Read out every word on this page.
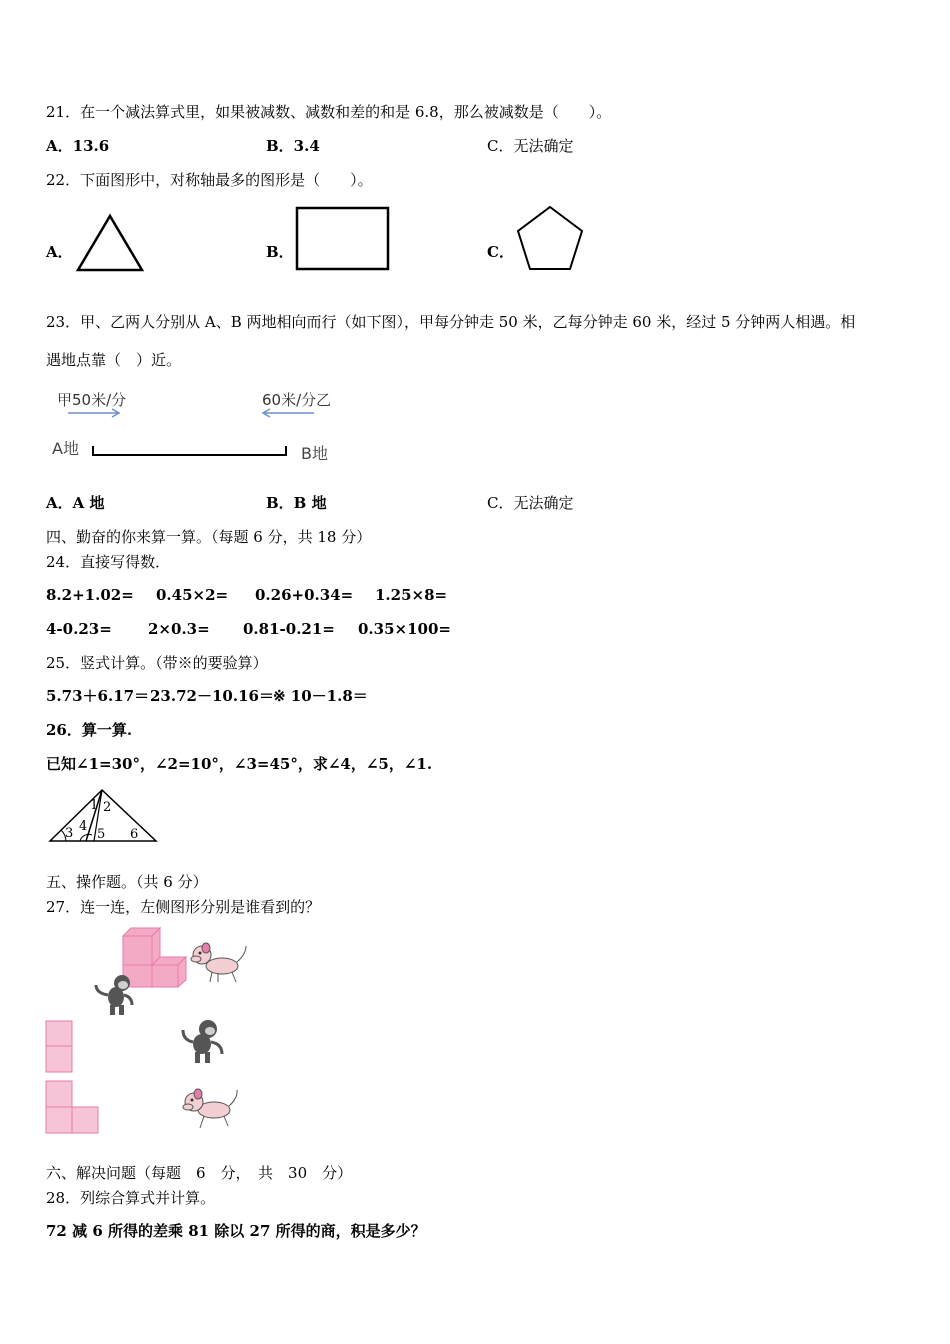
21．在一个减法算式里，如果被减数、减数和差的和是 6.8，那么被减数是（　　）。
A．13.6	B．3.4	C．无法确定
22．下面图形中，对称轴最多的图形是（　　）。
A．	B．	C．
23．甲、乙两人分别从 A、B 两地相向而行（如下图），甲每分钟走 50 米，乙每分钟走 60 米，经过 5 分钟两人相遇。相
遇地点靠（　）近。
甲50米/分	60米/分乙
A地	B地
A．A 地	B．B 地	C．无法确定
四、勤奋的你来算一算。（每题 6 分，共 18 分）
24．直接写得数．
8.2+1.02= 0.45×2= 0.26+0.34= 1.25×8=
4-0.23= 2×0.3= 0.81-0.21= 0.35×100=
25．竖式计算。（带※的要验算）
5.73＋6.17＝ 23.72－10.16＝ ※ 10－1.8＝
26．算一算.
已知∠1=30°，∠2=10°，∠3=45°，求∠4，∠5，∠1.
1 2
3 4
5 6
五、操作题。（共 6 分）
27．连一连，左侧图形分别是谁看到的？
六、解决问题（每题　6　分，　共　30　分）
28．列综合算式并计算。
72 减 6 所得的差乘 81 除以 27 所得的商，积是多少？
